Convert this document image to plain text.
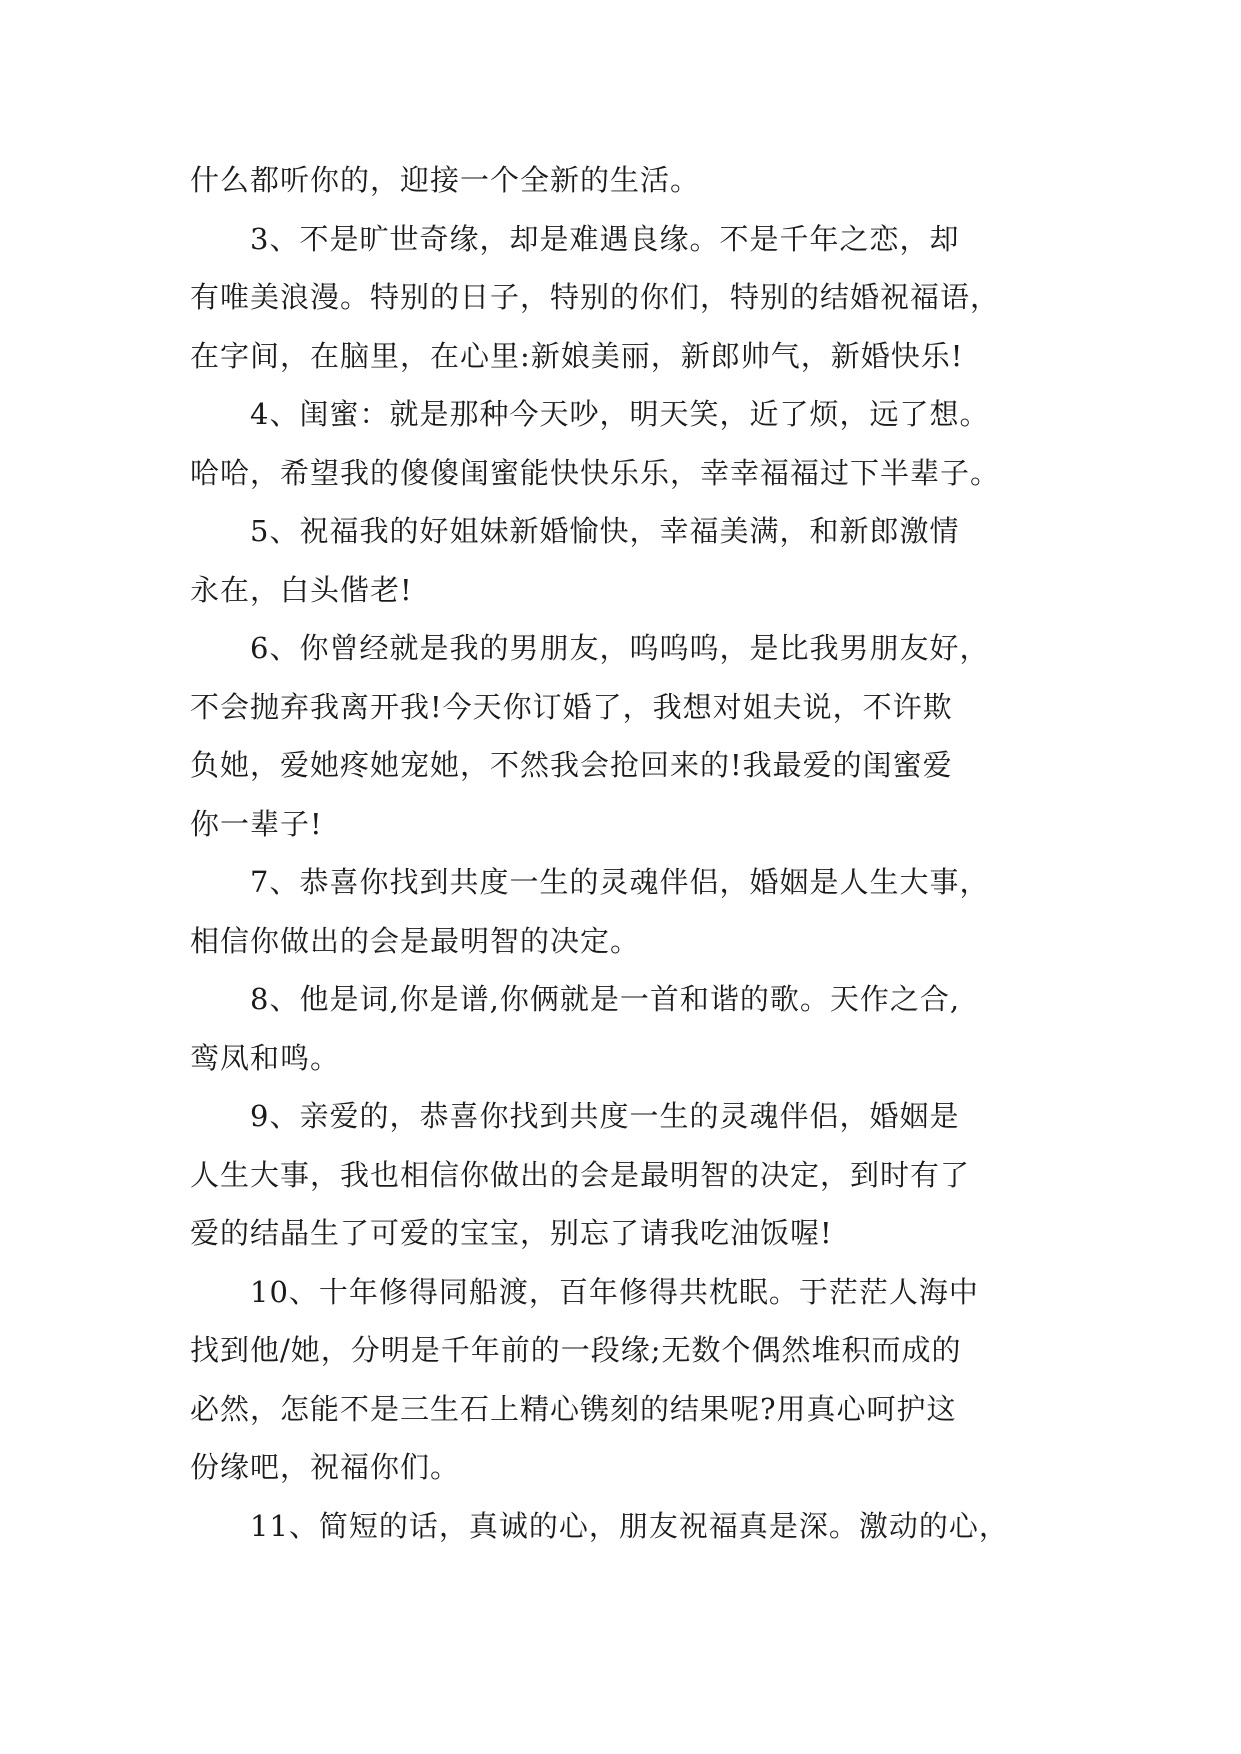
什么都听你的，迎接一个全新的生活。
3、不是旷世奇缘，却是难遇良缘。不是千年之恋，却
有唯美浪漫。特别的日子，特别的你们，特别的结婚祝福语，
在字间，在脑里，在心里:新娘美丽，新郎帅气，新婚快乐!
4、闺蜜：就是那种今天吵，明天笑，近了烦，远了想。
哈哈，希望我的傻傻闺蜜能快快乐乐，幸幸福福过下半辈子。
5、祝福我的好姐妹新婚愉快，幸福美满，和新郎激情
永在，白头偕老!
6、你曾经就是我的男朋友，呜呜呜，是比我男朋友好，
不会抛弃我离开我!今天你订婚了，我想对姐夫说，不许欺
负她，爱她疼她宠她，不然我会抢回来的!我最爱的闺蜜爱
你一辈子!
7、恭喜你找到共度一生的灵魂伴侣，婚姻是人生大事，
相信你做出的会是最明智的决定。
8、他是词,你是谱,你俩就是一首和谐的歌。天作之合,
鸾凤和鸣。
9、亲爱的，恭喜你找到共度一生的灵魂伴侣，婚姻是
人生大事，我也相信你做出的会是最明智的决定，到时有了
爱的结晶生了可爱的宝宝，别忘了请我吃油饭喔!
10、十年修得同船渡，百年修得共枕眠。于茫茫人海中
找到他/她，分明是千年前的一段缘;无数个偶然堆积而成的
必然，怎能不是三生石上精心镌刻的结果呢?用真心呵护这
份缘吧，祝福你们。
11、简短的话，真诚的心，朋友祝福真是深。激动的心，
